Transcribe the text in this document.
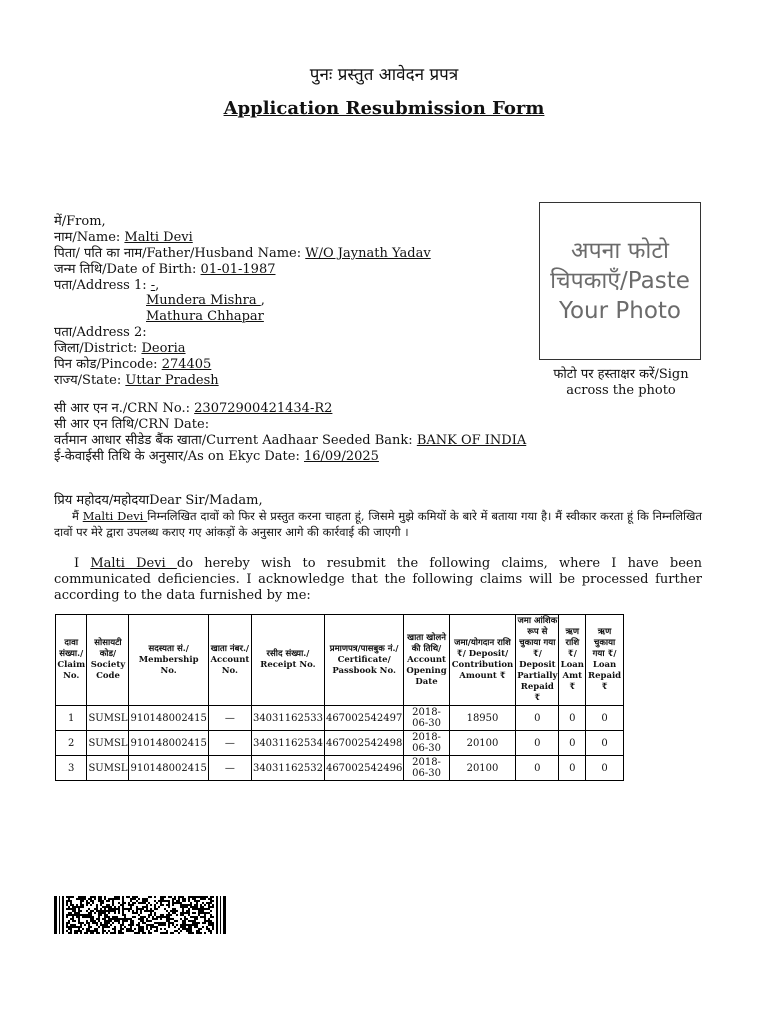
पुनः प्रस्तुत आवेदन प्रपत्र
Application Resubmission Form
में/From,
नाम/Name: Malti Devi
पिता/ पति का नाम/Father/Husband Name: W/O Jaynath Yadav
जन्म तिथि/Date of Birth: 01-01-1987
पता/Address 1: -,
Mundera Mishra ,
Mathura Chhapar
पता/Address 2:
जिला/District: Deoria
पिन कोड/Pincode: 274405
राज्य/State: Uttar Pradesh
अपना फोटो चिपकाएँ/Paste Your Photo
फोटो पर हस्ताक्षर करें/Sign across the photo
सी आर एन न./CRN No.: 23072900421434-R2
सी आर एन तिथि/CRN Date:
वर्तमान आधार सीडेड बैंक खाता/Current Aadhaar Seeded Bank: BANK OF INDIA
ई-केवाईसी तिथि के अनुसार/As on Ekyc Date: 16/09/2025
प्रिय महोदय/महोदयाDear Sir/Madam,
मैं Malti Devi निम्नलिखित दावों को फिर से प्रस्तुत करना चाहता हूं, जिसमे मुझे कमियों के बारे में बताया गया है। मैं स्वीकार करता हूं कि निम्नलिखित दावों पर मेरे द्वारा उपलब्ध कराए गए आंकड़ों के अनुसार आगे की कार्रवाई की जाएगी ।
I Malti Devi do hereby wish to resubmit the following claims, where I have been communicated deficiencies. I acknowledge that the following claims will be processed further according to the data furnished by me:
दावा संख्या./ Claim No.	सोसायटी कोड/ Society Code	सदस्यता सं./ Membership No.	खाता नंबर./ Account No.	रसीद संख्या./ Receipt No.	प्रमाणपत्र/पासबुक नं./ Certificate/ Passbook No.	खाता खोलने की तिथि/ Account Opening Date	जमा/योगदान राशि ₹/ Deposit/ Contribution Amount ₹	जमा आंशिक रूप से चुकाया गया ₹/ Deposit Partially Repaid ₹	ऋण राशि ₹/ Loan Amt ₹	ऋण चुकाया गया ₹/ Loan Repaid ₹
1	SUMSL	910148002415	—	34031162533	467002542497	2018-06-30	18950	0	0	0
2	SUMSL	910148002415	—	34031162534	467002542498	2018-06-30	20100	0	0	0
3	SUMSL	910148002415	—	34031162532	467002542496	2018-06-30	20100	0	0	0
